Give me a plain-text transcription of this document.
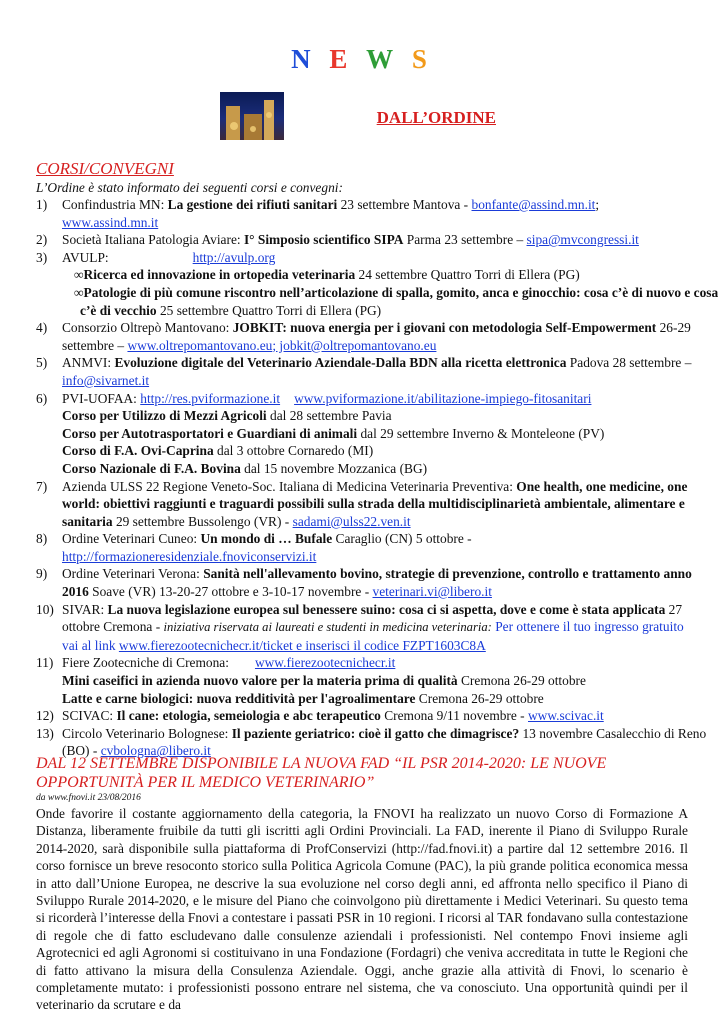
N E W S
DALL’ORDINE
CORSI/CONVEGNI
L’Ordine è stato informato dei seguenti corsi e convegni:
1) Confindustria MN: La gestione dei rifiuti sanitari 23 settembre Mantova - bonfante@assind.mn.it;
www.assind.mn.it
2) Società Italiana Patologia Aviare: I° Simposio scientifico SIPA Parma 23 settembre – sipa@mvcongressi.it
3) AVULP:	http://avulp.org
∞Ricerca ed innovazione in ortopedia veterinaria 24 settembre Quattro Torri di Ellera (PG)
∞Patologie di più comune riscontro nell’articolazione di spalla, gomito, anca e ginocchio: cosa c’è di nuovo e cosa
c’è di vecchio 25 settembre Quattro Torri di Ellera (PG)
4) Consorzio Oltrepò Mantovano: JOBKIT: nuova energia per i giovani con metodologia Self-Empowerment 26-29
settembre – www.oltrepomantovano.eu; jobkit@oltrepomantovano.eu
5) ANMVI: Evoluzione digitale del Veterinario Aziendale-Dalla BDN alla ricetta elettronica Padova 28 settembre –
info@sivarnet.it
6) PVI-UOFAA: http://res.pviformazione.it www.pviformazione.it/abilitazione-impiego-fitosanitari
Corso per Utilizzo di Mezzi Agricoli dal 28 settembre Pavia
Corso per Autotrasportatori e Guardiani di animali dal 29 settembre Inverno & Monteleone (PV)
Corso di F.A. Ovi-Caprina dal 3 ottobre Cornaredo (MI)
Corso Nazionale di F.A. Bovina dal 15 novembre Mozzanica (BG)
7) Azienda ULSS 22 Regione Veneto-Soc. Italiana di Medicina Veterinaria Preventiva: One health, one medicine, one
world: obiettivi raggiunti e traguardi possibili sulla strada della multidisciplinarietà ambientale, alimentare e
sanitaria 29 settembre Bussolengo (VR) - sadami@ulss22.ven.it
8) Ordine Veterinari Cuneo: Un mondo di … Bufale Caraglio (CN) 5 ottobre -
http://formazioneresidenziale.fnoviconservizi.it
9) Ordine Veterinari Verona: Sanità nell'allevamento bovino, strategie di prevenzione, controllo e trattamento anno
2016 Soave (VR) 13-20-27 ottobre e 3-10-17 novembre - veterinari.vi@libero.it
10) SIVAR: La nuova legislazione europea sul benessere suino: cosa ci si aspetta, dove e come è stata applicata 27
ottobre Cremona - iniziativa riservata ai laureati e studenti in medicina veterinaria: Per ottenere il tuo ingresso gratuito
vai al link www.fierezootecnichecr.it/ticket e inserisci il codice FZPT1603C8A
11) Fiere Zootecniche di Cremona: www.fierezootecnichecr.it
Mini caseifici in azienda nuovo valore per la materia prima di qualità Cremona 26-29 ottobre
Latte e carne biologici: nuova redditività per l'agroalimentare Cremona 26-29 ottobre
12) SCIVAC: Il cane: etologia, semeiologia e abc terapeutico Cremona 9/11 novembre - www.scivac.it
13) Circolo Veterinario Bolognese: Il paziente geriatrico: cioè il gatto che dimagrisce? 13 novembre Casalecchio di Reno
(BO) - cvbologna@libero.it
DAL 12 SETTEMBRE DISPONIBILE LA NUOVA FAD “IL PSR 2014-2020: LE NUOVE
OPPORTUNITÀ PER IL MEDICO VETERINARIO”
da www.fnovi.it 23/08/2016
Onde favorire il costante aggiornamento della categoria, la FNOVI ha realizzato un nuovo Corso di Formazione A Distanza, liberamente fruibile da tutti gli iscritti agli Ordini Provinciali. La FAD, inerente il Piano di Sviluppo Rurale 2014-2020, sarà disponibile sulla piattaforma di ProfConservizi (http://fad.fnovi.it) a partire dal 12 settembre 2016. Il corso fornisce un breve resoconto storico sulla Politica Agricola Comune (PAC), la più grande politica economica messa in atto dall’Unione Europea, ne descrive la sua evoluzione nel corso degli anni, ed affronta nello specifico il Piano di Sviluppo Rurale 2014-2020, e le misure del Piano che coinvolgono più direttamente i Medici Veterinari. Su questo tema si ricorderà l’interesse della Fnovi a contestare i passati PSR in 10 regioni. I ricorsi al TAR fondavano sulla contestazione di regole che di fatto escludevano dalle consulenze aziendali i professionisti. Nel contempo Fnovi insieme agli Agrotecnici ed agli Agronomi si costituivano in una Fondazione (Fordagri) che veniva accreditata in tutte le Regioni che di fatto attivano la misura della Consulenza Aziendale. Oggi, anche grazie alla attività di Fnovi, lo scenario è completamente mutato: i professionisti possono entrare nel sistema, che va conosciuto. Una opportunità quindi per il veterinario da scrutare e da
